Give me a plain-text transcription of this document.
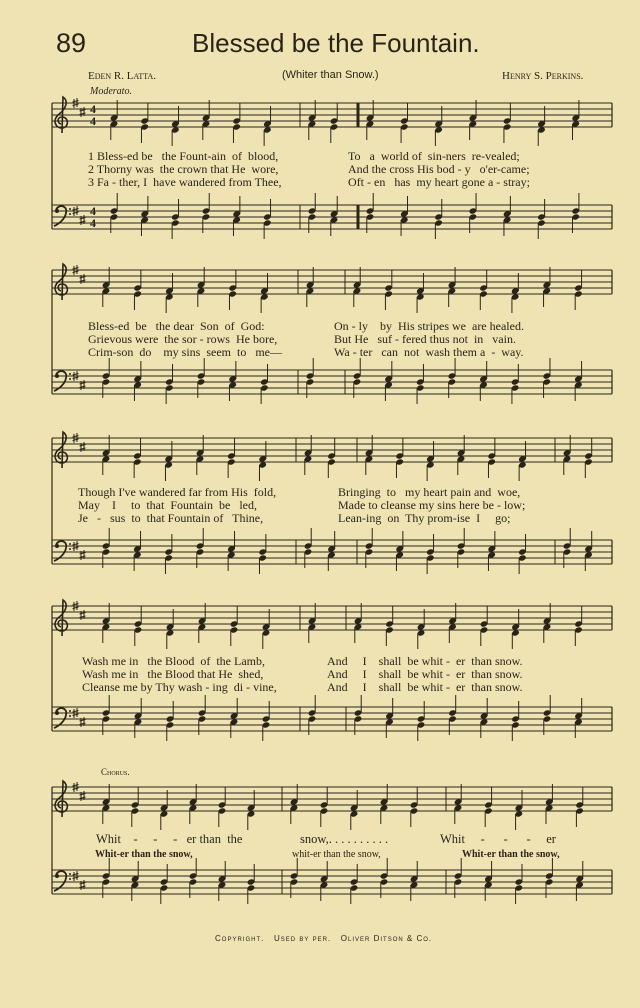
89	Blessed be the Fountain.
Eden R. Latta.	(Whiter than Snow.)	Henry S. Perkins.
Moderato.
4 4
4 4
1 Bless-ed be   the Fount-ain  of  blood,
2 Thorny was  the crown that He  wore,
3 Fa - ther, I  have wandered from Thee,
To   a  world of  sin-ners  re-vealed;
And the cross His bod - y   o'er-came;
Oft - en   has  my heart gone a - stray;
Bless-ed  be   the dear  Son  of  God:
Grievous were  the sor - rows  He bore,
Crim-son  do    my sins  seem  to   me—
On - ly    by  His stripes we  are healed.
But He   suf - fered thus not  in   vain.
Wa - ter   can  not  wash them a  -  way.
Though I've wandered far from His  fold,
May    I     to  that  Fountain  be   led,
Je   -   sus  to  that Fountain of   Thine,
Bringing  to   my heart pain and  woe,
Made to cleanse my sins here be - low;
Lean-ing  on  Thy prom-ise  I     go;
Wash me in   the Blood  of  the Lamb,
Wash me in   the Blood that He  shed,
Cleanse me by Thy wash - ing  di - vine,
And     I    shall  be whit -  er  than snow.
And     I    shall  be whit -  er  than snow.
And     I    shall  be whit -  er  than snow.
Chorus.
Whit    -     -     -   er than  the	snow,. . . . . . . . . .	Whit     -      -      -     er
Whit-er than the snow,	whit-er than the snow,	Whit-er than the snow,
Copyright.   Used by per.   Oliver Ditson & Co.
